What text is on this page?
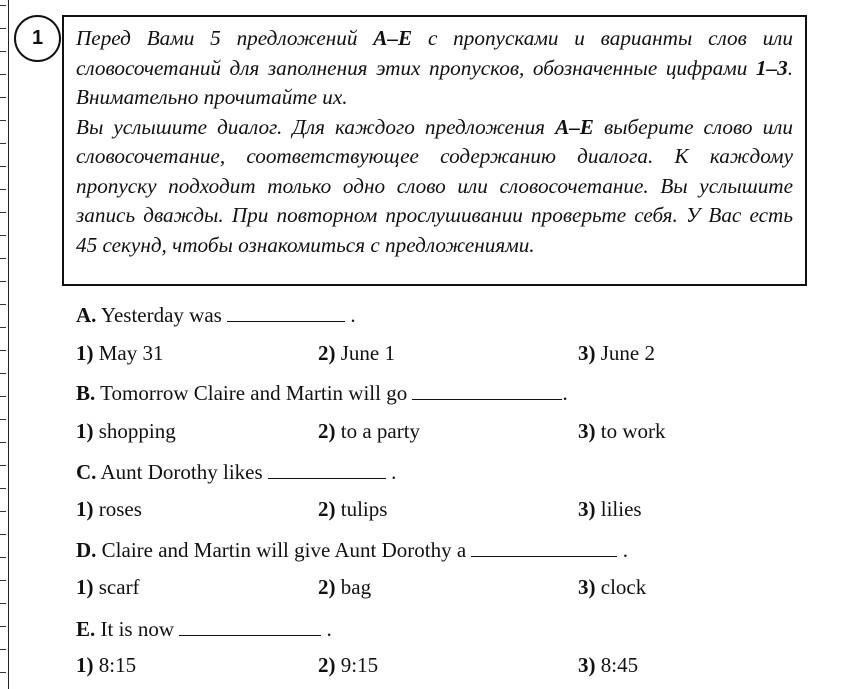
1 Перед Вами 5 предложений A–E с пропусками и варианты слов или словосочетаний для заполнения этих пропусков, обозначенные цифрами 1–3. Внимательно прочитайте их.

Вы услышите диалог. Для каждого предложения A–E выберите слово или словосочетание, соответствующее содержанию диалога. К каждому пропуску подходит только одно слово или словосочетание. Вы услышите запись дважды. При повторном прослушивании проверьте себя. У Вас есть 45 секунд, чтобы ознакомиться с предложениями.

A. Yesterday was	.
1) May 31	2) June 1	3) June 2
B. Tomorrow Claire and Martin will go	.
1) shopping	2) to a party	3) to work
C. Aunt Dorothy likes	.
1) roses	2) tulips	3) lilies
D. Claire and Martin will give Aunt Dorothy a	.
1) scarf	2) bag	3) clock
E. It is now	.
1) 8:15	2) 9:15	3) 8:45
